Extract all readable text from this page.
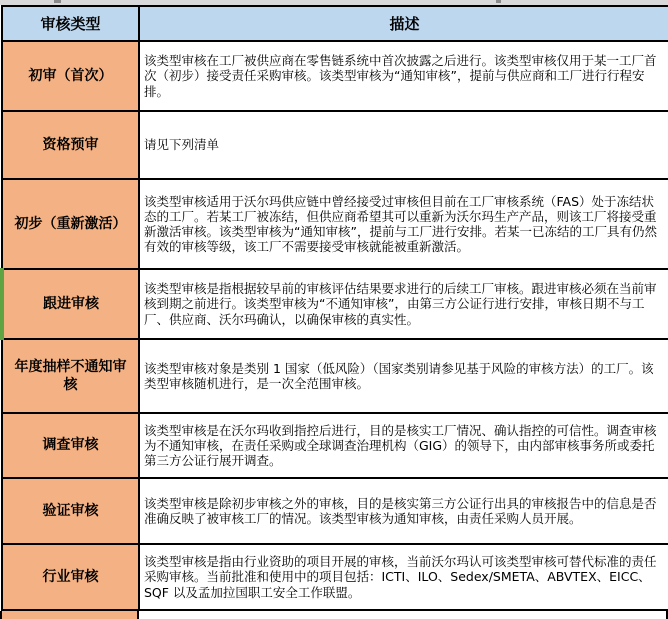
审核类型	描述
初审（首次）	该类型审核在工厂被供应商在零售链系统中首次披露之后进行。该类型审核仅用于某一工厂首次（初步）接受责任采购审核。该类型审核为“通知审核”，提前与供应商和工厂进行行程安排。
资格预审	请见下列清单
初步（重新激活）	该类型审核适用于沃尔玛供应链中曾经接受过审核但目前在工厂审核系统（FAS）处于冻结状态的工厂。若某工厂被冻结，但供应商希望其可以重新为沃尔玛生产产品，则该工厂将接受重新激活审核。该类型审核为“通知审核”，提前与工厂进行安排。若某一已冻结的工厂具有仍然有效的审核等级，该工厂不需要接受审核就能被重新激活。
跟进审核	该类型审核是指根据较早前的审核评估结果要求进行的后续工厂审核。跟进审核必须在当前审核到期之前进行。该类型审核为“不通知审核”，由第三方公证行进行安排，审核日期不与工厂、供应商、沃尔玛确认，以确保审核的真实性。
年度抽样不通知审核	该类型审核对象是类别 1 国家（低风险）（国家类别请参见基于风险的审核方法）的工厂。该类型审核随机进行，是一次全范围审核。
调查审核	该类型审核是在沃尔玛收到指控后进行，目的是核实工厂情况、确认指控的可信性。调查审核为不通知审核，在责任采购或全球调查治理机构（GIG）的领导下，由内部审核事务所或委托第三方公证行展开调查。
验证审核	该类型审核是除初步审核之外的审核，目的是核实第三方公证行出具的审核报告中的信息是否准确反映了被审核工厂的情况。该类型审核为通知审核，由责任采购人员开展。
行业审核	该类型审核是指由行业资助的项目开展的审核，当前沃尔玛认可该类型审核可替代标准的责任采购审核。当前批准和使用中的项目包括：ICTI、ILO、Sedex/SMETA、ABVTEX、EICC、SQF 以及孟加拉国职工安全工作联盟。
